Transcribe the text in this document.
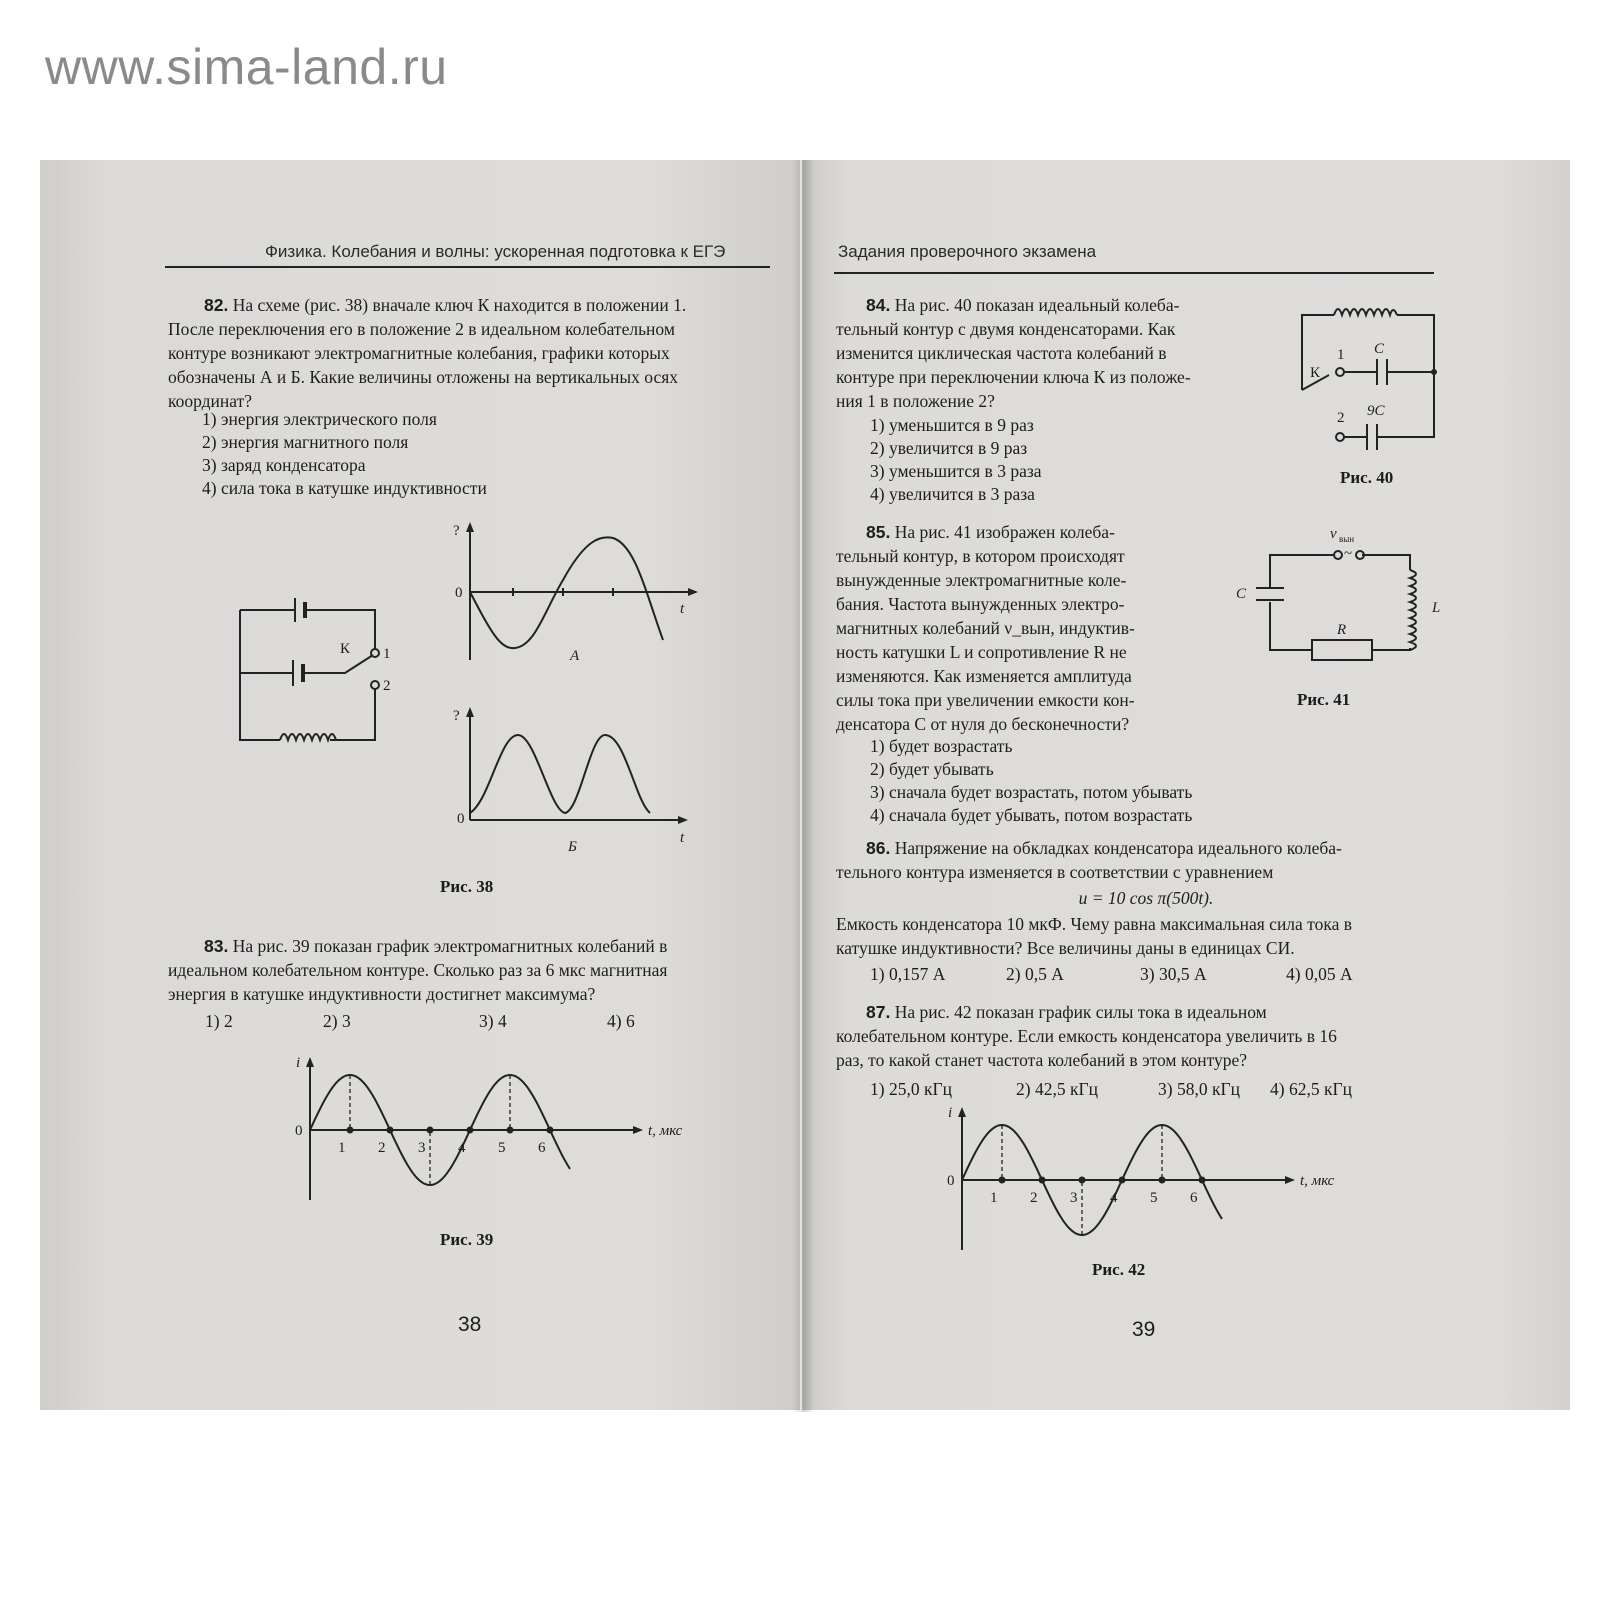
www.sima-land.ru
Физика. Колебания и волны: ускоренная подготовка к ЕГЭ
82. На схеме (рис. 38) вначале ключ К находится в положении 1.
После переключения его в положение 2 в идеальном колебательном
контуре возникают электромагнитные колебания, графики которых
обозначены А и Б. Какие величины отложены на вертикальных осях
координат?
1) энергия электрического поля
2) энергия магнитного поля
3) заряд конденсатора
4) сила тока в катушке индуктивности
К 1
2
?
0
t
А
?
0
t
Б
Рис. 38
83. На рис. 39 показан график электромагнитных колебаний в
идеальном колебательном контуре. Сколько раз за 6 мкс магнитная
энергия в катушке индуктивности достигнет максимума?
1) 2	2) 3	3) 4	4) 6
1 2 3 4 5 6
i
0	t, мкс
Рис. 39
38
Задания проверочного экзамена
84. На рис. 40 показан идеальный колеба-
тельный контур с двумя конденсаторами. Как
изменится циклическая частота колебаний в
контуре при переключении ключа К из положе-
ния 1 в положение 2?
1) уменьшится в 9 раз
2) увеличится в 9 раз
3) уменьшится в 3 раза
4) увеличится в 3 раза
К
1
2
C
9C
Рис. 40
85. На рис. 41 изображен колеба-
тельный контур, в котором происходят
вынужденные электромагнитные коле-
бания. Частота вынужденных электро-
магнитных колебаний ν_вын, индуктив-
ность катушки L и сопротивление R не
изменяются. Как изменяется амплитуда
силы тока при увеличении емкости кон-
денсатора С от нуля до бесконечности?
1) будет возрастать
2) будет убывать
3) сначала будет возрастать, потом убывать
4) сначала будет убывать, потом возрастать
ν вын
~
C
L
R
Рис. 41
86. Напряжение на обкладках конденсатора идеального колеба-
тельного контура изменяется в соответствии с уравнением
u = 10 cos π(500t).
Емкость конденсатора 10 мкФ. Чему равна максимальная сила тока в
катушке индуктивности? Все величины даны в единицах СИ.
1) 0,157 А	2) 0,5 А	3) 30,5 А	4) 0,05 А
87. На рис. 42 показан график силы тока в идеальном
колебательном контуре. Если емкость конденсатора увеличить в 16
раз, то какой станет частота колебаний в этом контуре?
1) 25,0 кГц	2) 42,5 кГц	3) 58,0 кГц 4) 62,5 кГц
1 2 3 4 5 6
i
0	t, мкс
Рис. 42
39
